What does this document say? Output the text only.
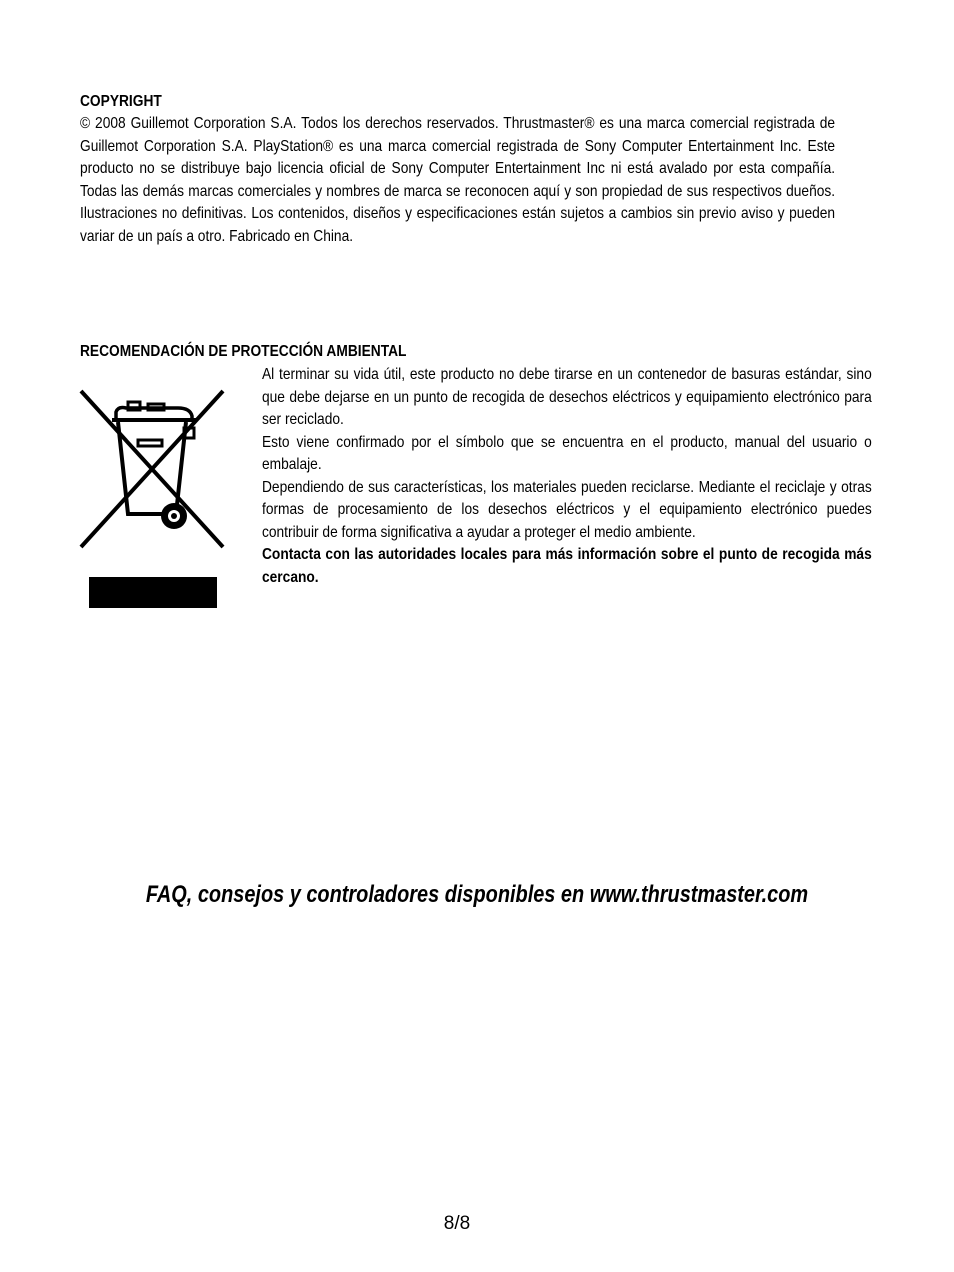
COPYRIGHT
© 2008 Guillemot Corporation S.A. Todos los derechos reservados. Thrustmaster® es una marca comercial registrada de Guillemot Corporation S.A. PlayStation® es una marca comercial registrada de Sony Computer Entertainment Inc. Este producto no se distribuye bajo licencia oficial de Sony Computer Entertainment Inc ni está avalado por esta compañía. Todas las demás marcas comerciales y nombres de marca se reconocen aquí y son propiedad de sus respectivos dueños. Ilustraciones no definitivas. Los contenidos, diseños y especificaciones están sujetos a cambios sin previo aviso y pueden variar de un país a otro. Fabricado en China.
RECOMENDACIÓN DE PROTECCIÓN AMBIENTAL

Al terminar su vida útil, este producto no debe tirarse en un contenedor de basuras estándar, sino que debe dejarse en un punto de recogida de desechos eléctricos y equipamiento electrónico para ser reciclado.

Esto viene confirmado por el símbolo que se encuentra en el producto, manual del usuario o embalaje.

Dependiendo de sus características, los materiales pueden reciclarse. Mediante el reciclaje y otras formas de procesamiento de los desechos eléctricos y el equipamiento electrónico puedes contribuir de forma significativa a ayudar a proteger el medio ambiente.

Contacta con las autoridades locales para más información sobre el punto de recogida más cercano.

FAQ, consejos y controladores disponibles en www.thrustmaster.com
8/8
